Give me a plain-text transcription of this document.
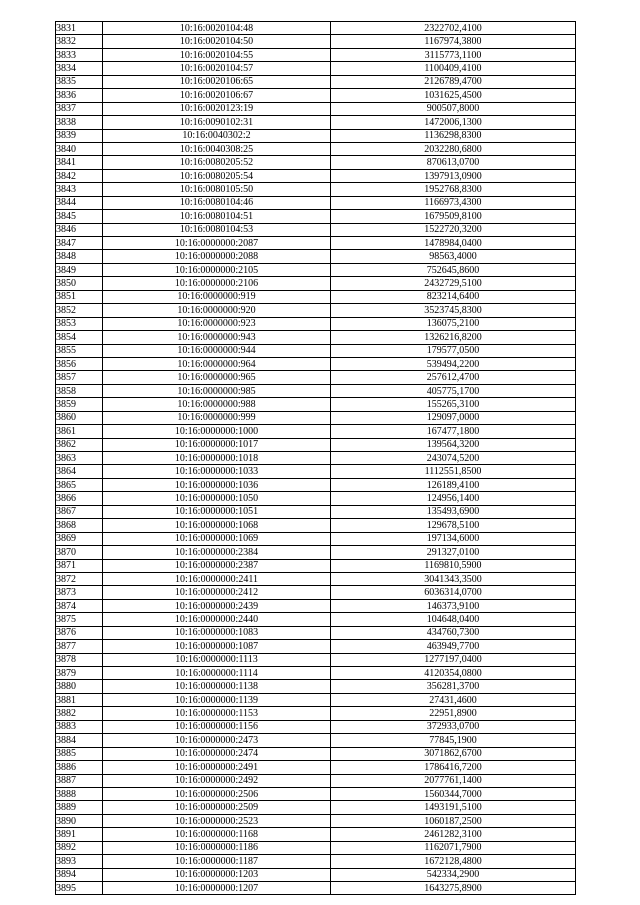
3831	10:16:0020104:48	2322702,4100
3832	10:16:0020104:50	1167974,3800
3833	10:16:0020104:55	3115773,1100
3834	10:16:0020104:57	1100409,4100
3835	10:16:0020106:65	2126789,4700
3836	10:16:0020106:67	1031625,4500
3837	10:16:0020123:19	900507,8000
3838	10:16:0090102:31	1472006,1300
3839	10:16:0040302:2	1136298,8300
3840	10:16:0040308:25	2032280,6800
3841	10:16:0080205:52	870613,0700
3842	10:16:0080205:54	1397913,0900
3843	10:16:0080105:50	1952768,8300
3844	10:16:0080104:46	1166973,4300
3845	10:16:0080104:51	1679509,8100
3846	10:16:0080104:53	1522720,3200
3847	10:16:0000000:2087	1478984,0400
3848	10:16:0000000:2088	98563,4000
3849	10:16:0000000:2105	752645,8600
3850	10:16:0000000:2106	2432729,5100
3851	10:16:0000000:919	823214,6400
3852	10:16:0000000:920	3523745,8300
3853	10:16:0000000:923	136075,2100
3854	10:16:0000000:943	1326216,8200
3855	10:16:0000000:944	179577,0500
3856	10:16:0000000:964	539494,2200
3857	10:16:0000000:965	257612,4700
3858	10:16:0000000:985	405775,1700
3859	10:16:0000000:988	155265,3100
3860	10:16:0000000:999	129097,0000
3861	10:16:0000000:1000	167477,1800
3862	10:16:0000000:1017	139564,3200
3863	10:16:0000000:1018	243074,5200
3864	10:16:0000000:1033	1112551,8500
3865	10:16:0000000:1036	126189,4100
3866	10:16:0000000:1050	124956,1400
3867	10:16:0000000:1051	135493,6900
3868	10:16:0000000:1068	129678,5100
3869	10:16:0000000:1069	197134,6000
3870	10:16:0000000:2384	291327,0100
3871	10:16:0000000:2387	1169810,5900
3872	10:16:0000000:2411	3041343,3500
3873	10:16:0000000:2412	6036314,0700
3874	10:16:0000000:2439	146373,9100
3875	10:16:0000000:2440	104648,0400
3876	10:16:0000000:1083	434760,7300
3877	10:16:0000000:1087	463949,7700
3878	10:16:0000000:1113	1277197,0400
3879	10:16:0000000:1114	4120354,0800
3880	10:16:0000000:1138	356281,3700
3881	10:16:0000000:1139	27431,4600
3882	10:16:0000000:1153	22951,8900
3883	10:16:0000000:1156	372933,0700
3884	10:16:0000000:2473	77845,1900
3885	10:16:0000000:2474	3071862,6700
3886	10:16:0000000:2491	1786416,7200
3887	10:16:0000000:2492	2077761,1400
3888	10:16:0000000:2506	1560344,7000
3889	10:16:0000000:2509	1493191,5100
3890	10:16:0000000:2523	1060187,2500
3891	10:16:0000000:1168	2461282,3100
3892	10:16:0000000:1186	1162071,7900
3893	10:16:0000000:1187	1672128,4800
3894	10:16:0000000:1203	542334,2900
3895	10:16:0000000:1207	1643275,8900
